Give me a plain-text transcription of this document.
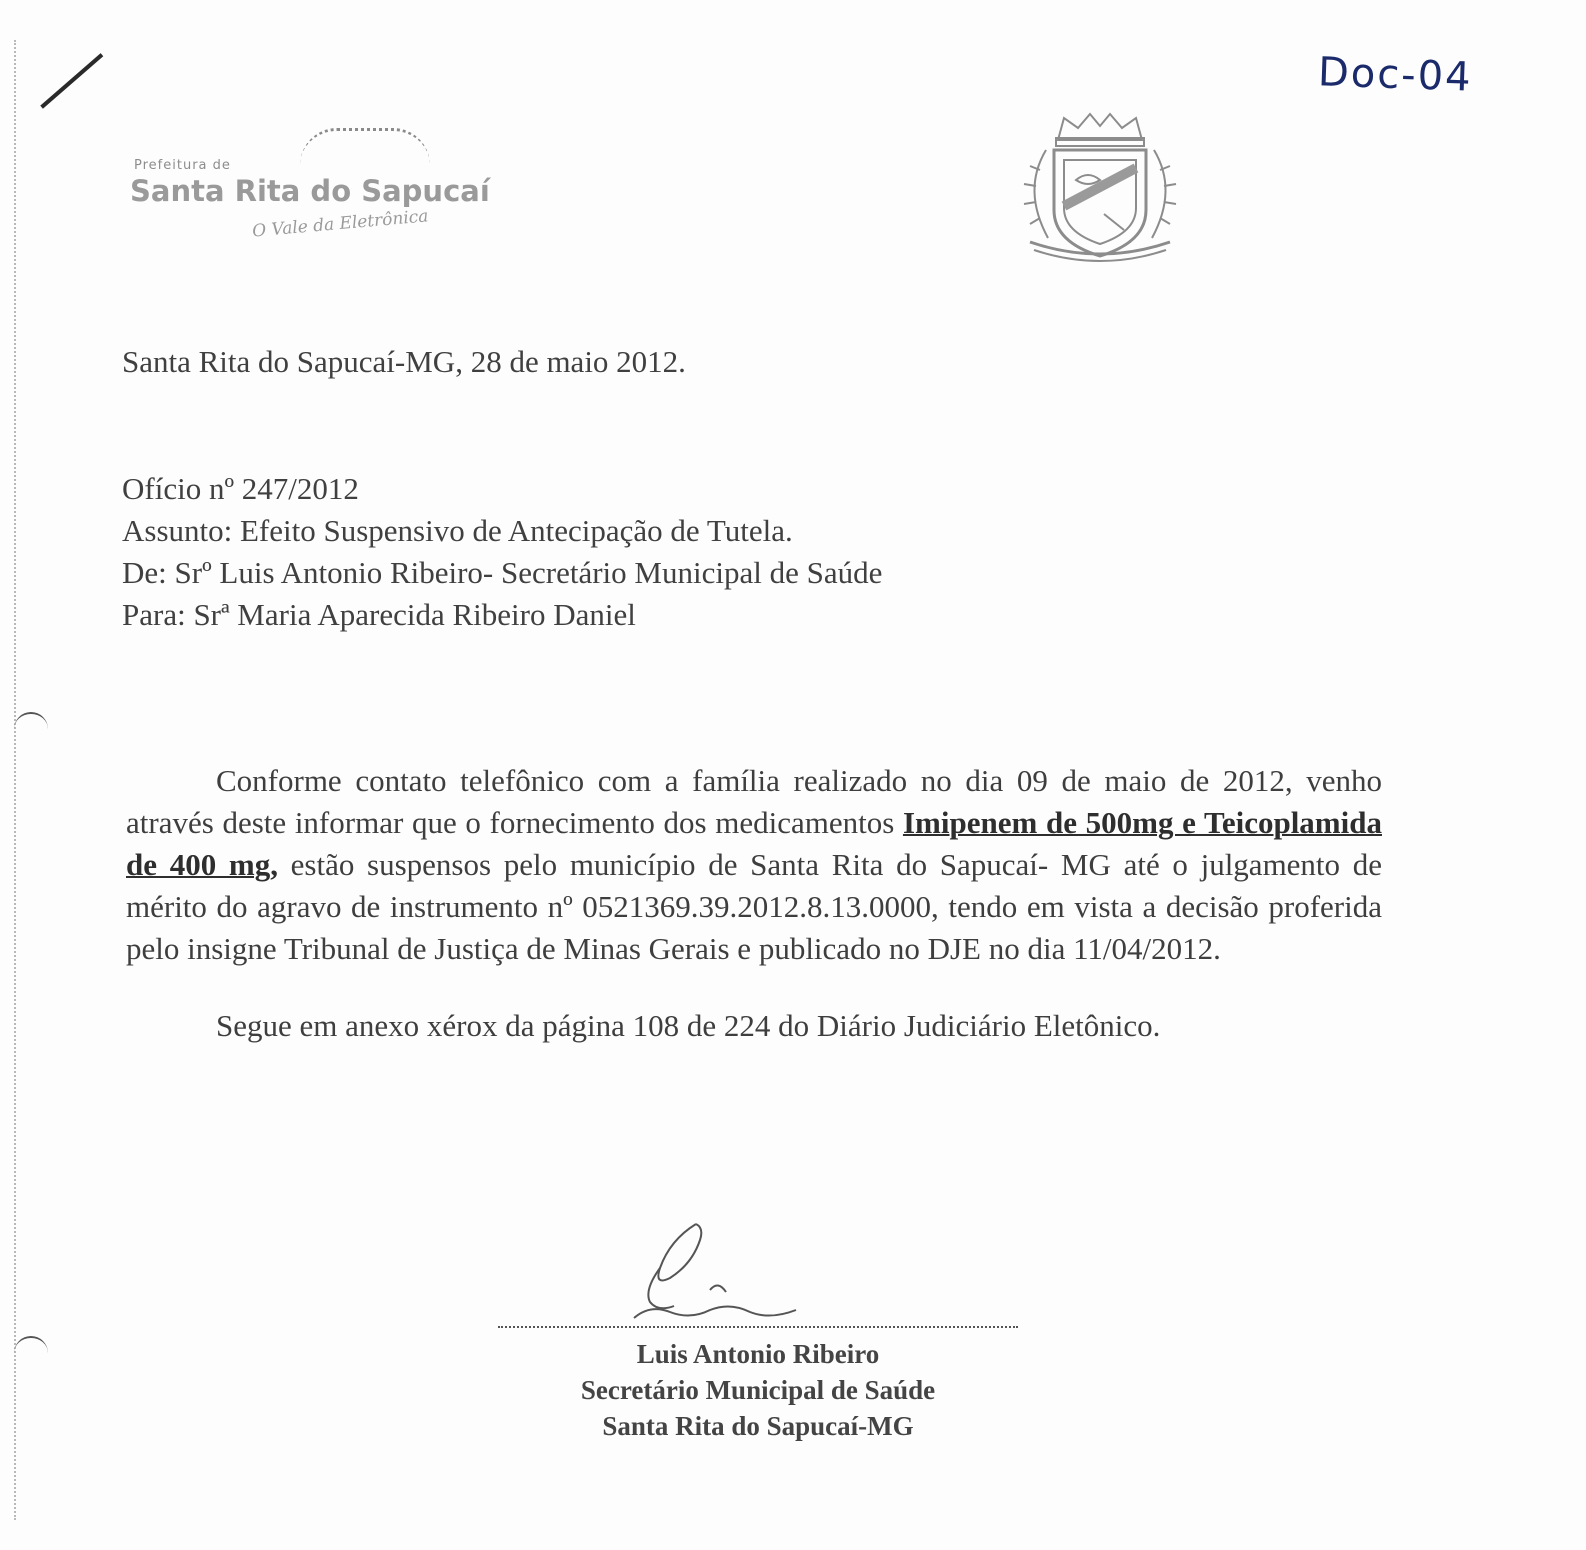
Doc-04
Prefeitura de
Santa Rita do Sapucaí
O Vale da Eletrônica
Santa Rita do Sapucaí-MG, 28 de maio 2012.
Ofício nº 247/2012
Assunto: Efeito Suspensivo de Antecipação de Tutela.
De: Srº Luis Antonio Ribeiro- Secretário Municipal de Saúde
Para: Srª Maria Aparecida Ribeiro Daniel

Conforme contato telefônico com a família realizado no dia 09 de maio de 2012, venho através deste informar que o fornecimento dos medicamentos Imipenem de 500mg e Teicoplamida de 400 mg, estão suspensos pelo município de Santa Rita do Sapucaí- MG até o julgamento de mérito do agravo de instrumento nº 0521369.39.2012.8.13.0000, tendo em vista a decisão proferida pelo insigne Tribunal de Justiça de Minas Gerais e publicado no DJE no dia 11/04/2012.

Segue em anexo xérox da página 108 de 224 do Diário Judiciário Eletônico.
Luis Antonio Ribeiro
Secretário Municipal de Saúde
Santa Rita do Sapucaí-MG
